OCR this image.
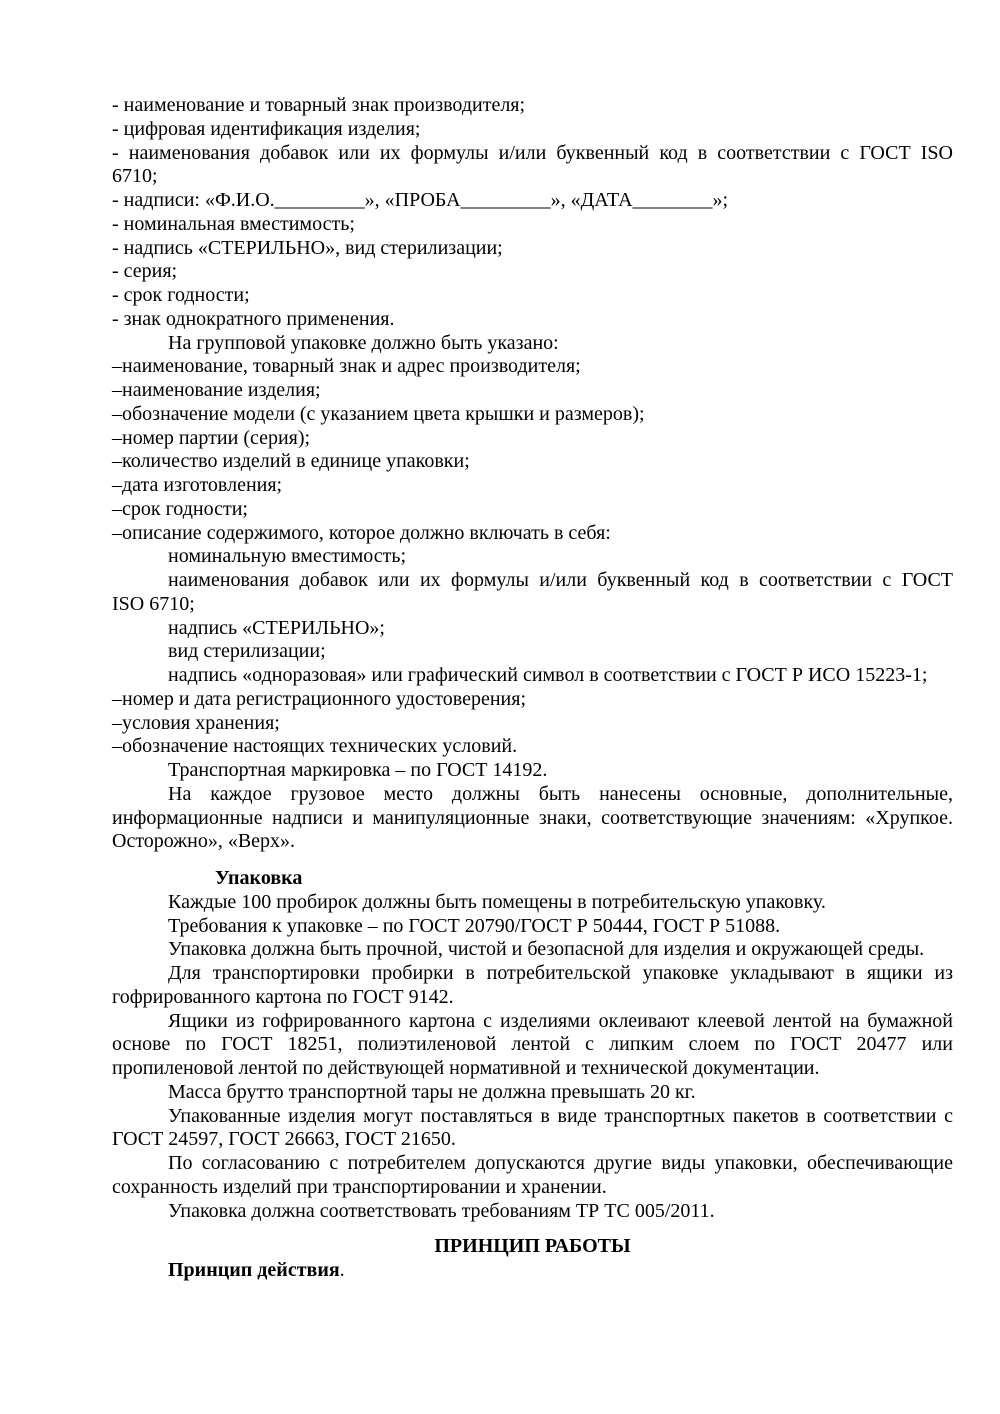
- наименование и товарный знак производителя;
- цифровая идентификация изделия;
- наименования добавок или их формулы и/или буквенный код в соответствии с ГОСТ ISO
6710;
- надписи: «Ф.И.О._________», «ПРОБА_________», «ДАТА________»;
- номинальная вместимость;
- надпись «СТЕРИЛЬНО», вид стерилизации;
- серия;
- срок годности;
- знак однократного применения.
На групповой упаковке должно быть указано:
–наименование, товарный знак и адрес производителя;
–наименование изделия;
–обозначение модели (с указанием цвета крышки и размеров);
–номер партии (серия);
–количество изделий в единице упаковки;
–дата изготовления;
–срок годности;
–описание содержимого, которое должно включать в себя:
номинальную вместимость;
наименования добавок или их формулы и/или буквенный код в соответствии с ГОСТ
ISO 6710;
надпись «СТЕРИЛЬНО»;
вид стерилизации;
надпись «одноразовая» или графический символ в соответствии с ГОСТ Р ИСО 15223-1;
–номер и дата регистрационного удостоверения;
–условия хранения;
–обозначение настоящих технических условий.
Транспортная маркировка – по ГОСТ 14192.
На каждое грузовое место должны быть нанесены основные, дополнительные,
информационные надписи и манипуляционные знаки, соответствующие значениям: «Хрупкое.
Осторожно», «Верх».
Упаковка
Каждые 100 пробирок должны быть помещены в потребительскую упаковку.
Требования к упаковке – по ГОСТ 20790/ГОСТ Р 50444, ГОСТ Р 51088.
Упаковка должна быть прочной, чистой и безопасной для изделия и окружающей среды.
Для транспортировки пробирки в потребительской упаковке укладывают в ящики из
гофрированного картона по ГОСТ 9142.
Ящики из гофрированного картона с изделиями оклеивают клеевой лентой на бумажной
основе по ГОСТ 18251, полиэтиленовой лентой с липким слоем по ГОСТ 20477 или
пропиленовой лентой по действующей нормативной и технической документации.
Масса брутто транспортной тары не должна превышать 20 кг.
Упакованные изделия могут поставляться в виде транспортных пакетов в соответствии с
ГОСТ 24597, ГОСТ 26663, ГОСТ 21650.
По согласованию с потребителем допускаются другие виды упаковки, обеспечивающие
сохранность изделий при транспортировании и хранении.
Упаковка должна соответствовать требованиям ТР ТС 005/2011.
ПРИНЦИП РАБОТЫ
Принцип действия.
